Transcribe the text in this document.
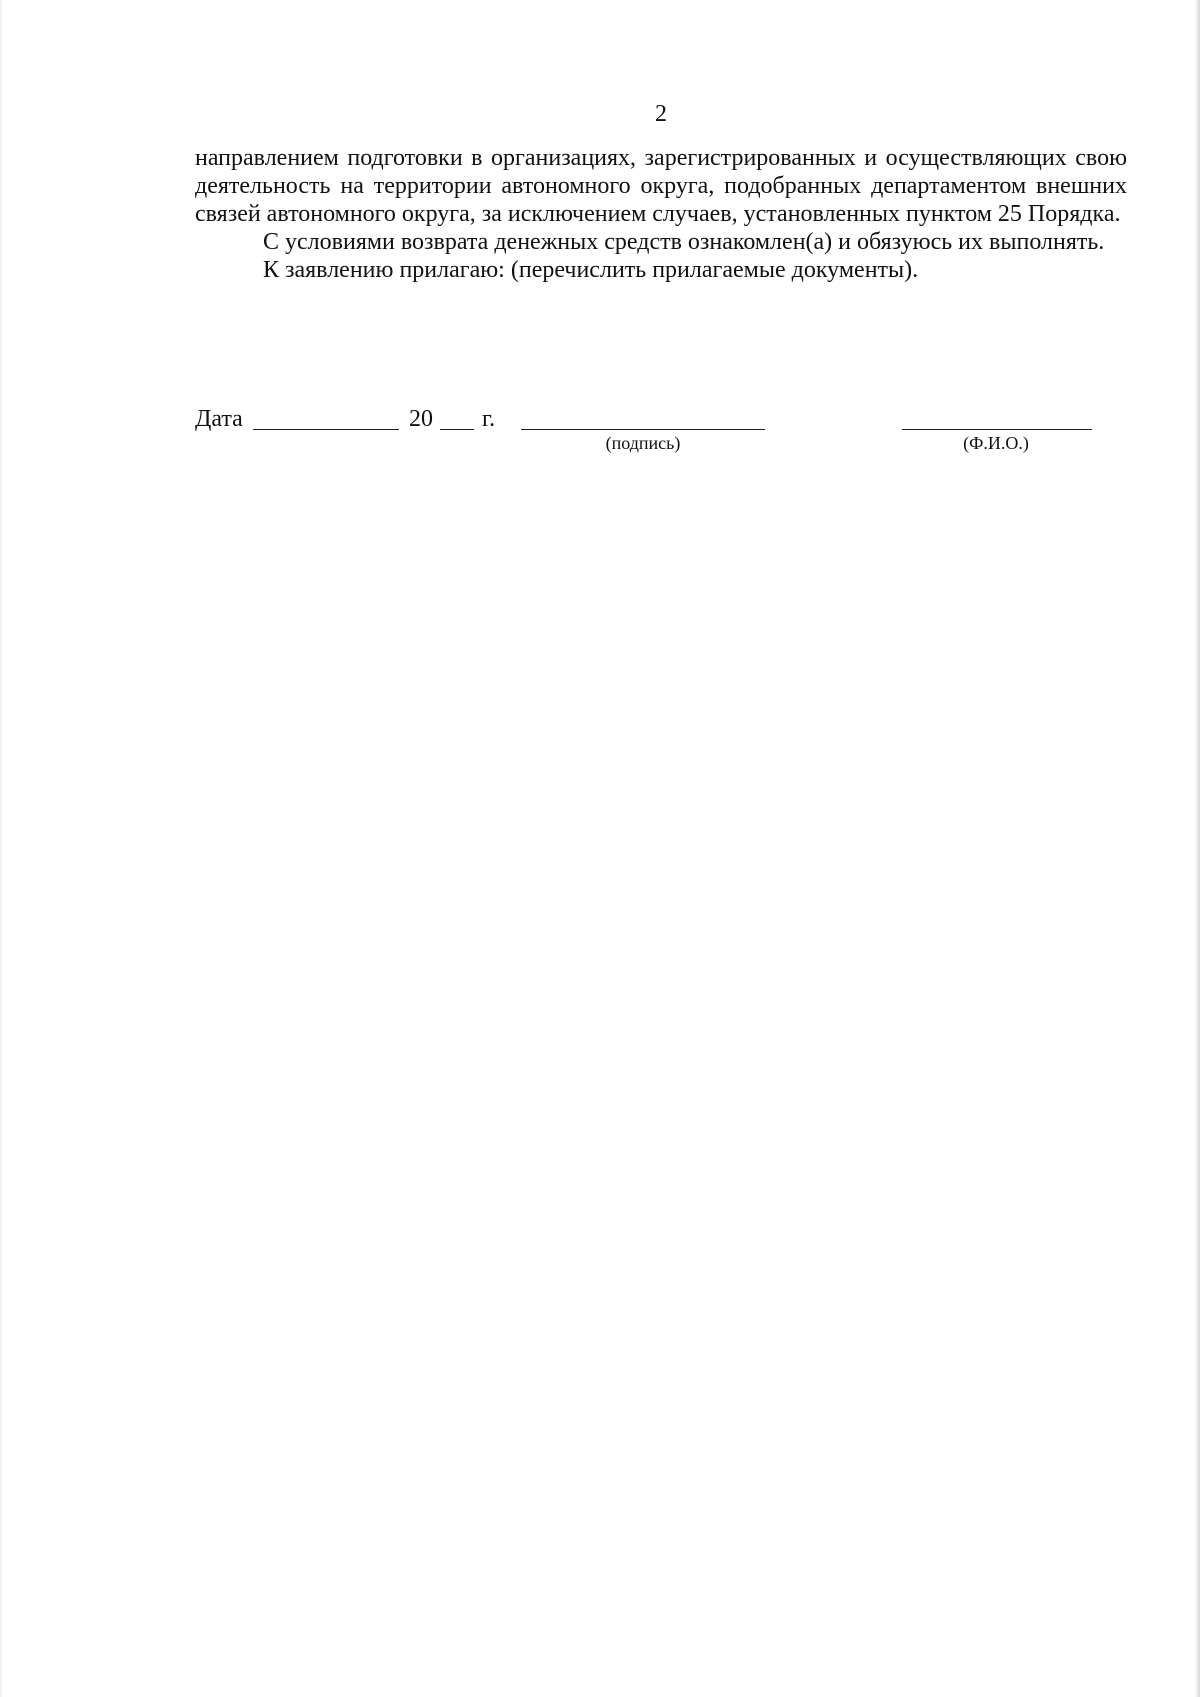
2

направлением подготовки в организациях, зарегистрированных и осуществляющих свою деятельность на территории автономного округа, подобранных департаментом внешних связей автономного округа, за исключением случаев, установленных пунктом 25 Порядка.

С условиями возврата денежных средств ознакомлен(а) и обязуюсь их выполнять.

К заявлению прилагаю: (перечислить прилагаемые документы).

Дата	20 г.
(подпись)	(Ф.И.О.)
